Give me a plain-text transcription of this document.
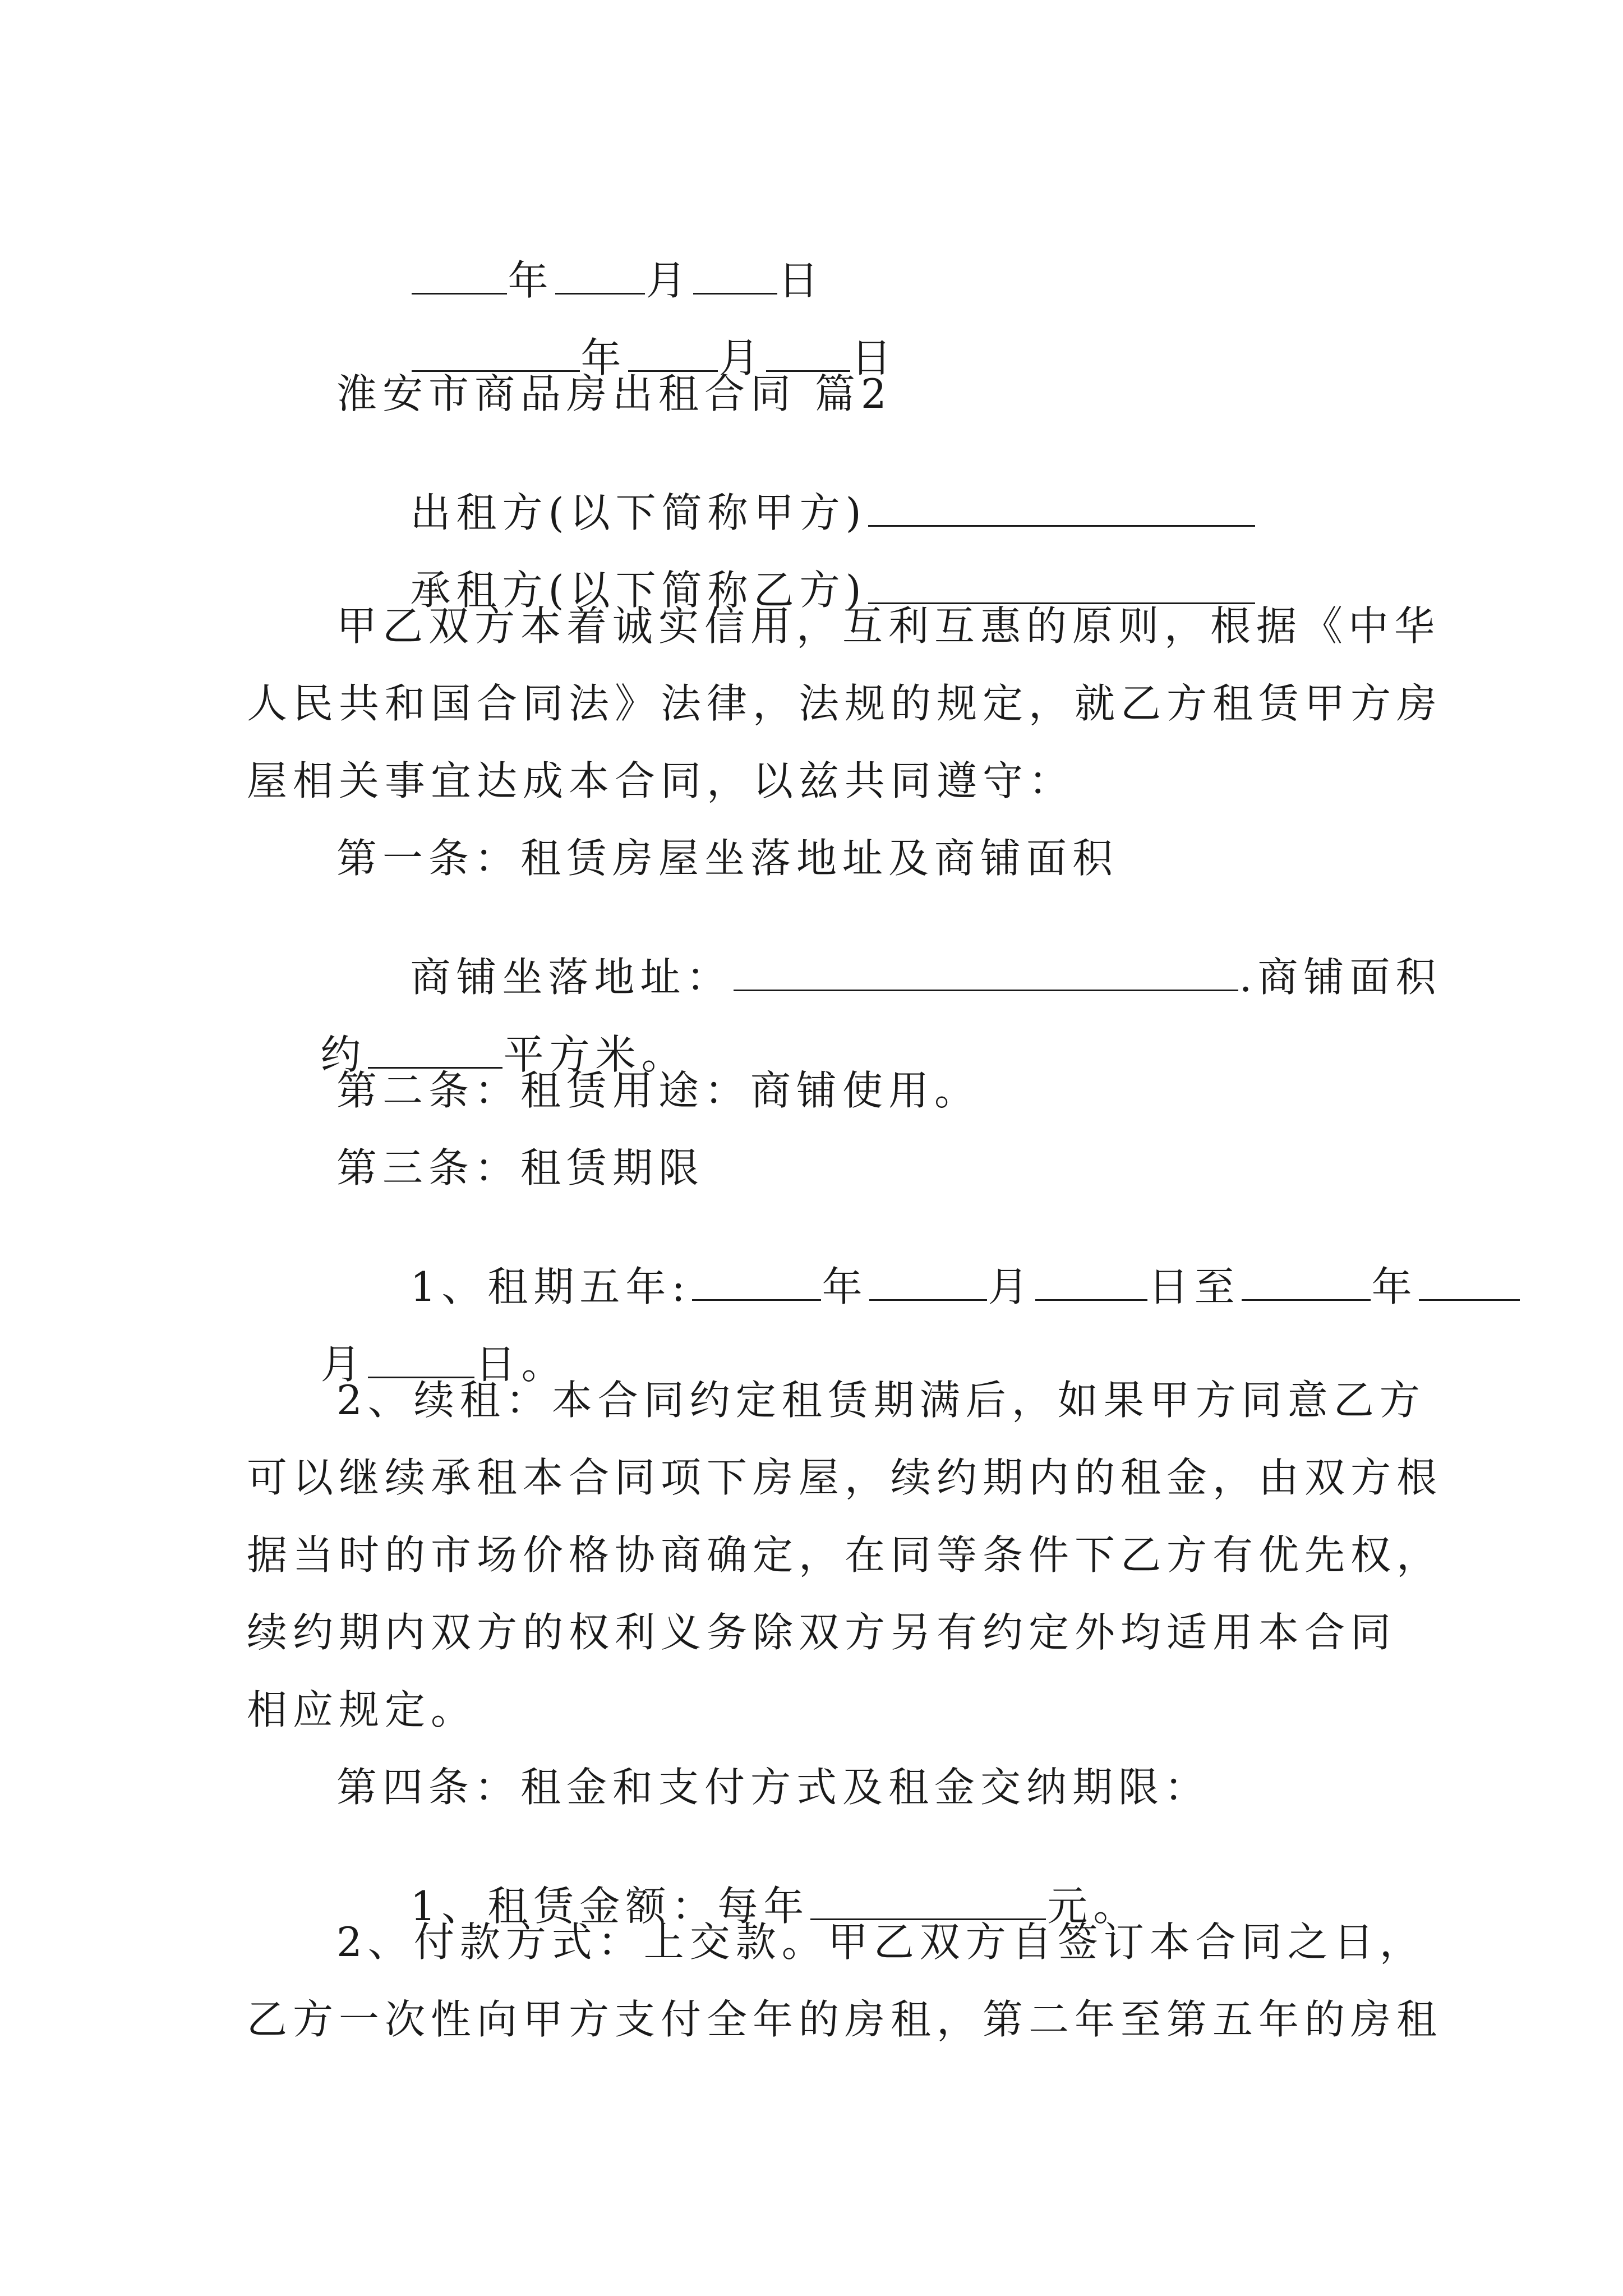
年 月 日

年 月 日

淮安市商品房出租合同 篇2

出租方(以下简称甲方)

承租方(以下简称乙方)

甲乙双方本着诚实信用，互利互惠的原则，根据《中华
人民共和国合同法》法律，法规的规定，就乙方租赁甲方房
屋相关事宜达成本合同，以兹共同遵守：
第一条：租赁房屋坐落地址及商铺面积

商铺坐落地址：	.商铺面积

约	平方米。

第二条：租赁用途：商铺使用。
第三条：租赁期限

1、租期五年:	年	月	日至	年

月	日。

2、续租：本合同约定租赁期满后，如果甲方同意乙方
可以继续承租本合同项下房屋，续约期内的租金，由双方根
据当时的市场价格协商确定，在同等条件下乙方有优先权，
续约期内双方的权利义务除双方另有约定外均适用本合同
相应规定。
第四条：租金和支付方式及租金交纳期限：

1、租赁金额：每年	元。

2、付款方式：上交款。甲乙双方自签订本合同之日，
乙方一次性向甲方支付全年的房租，第二年至第五年的房租
